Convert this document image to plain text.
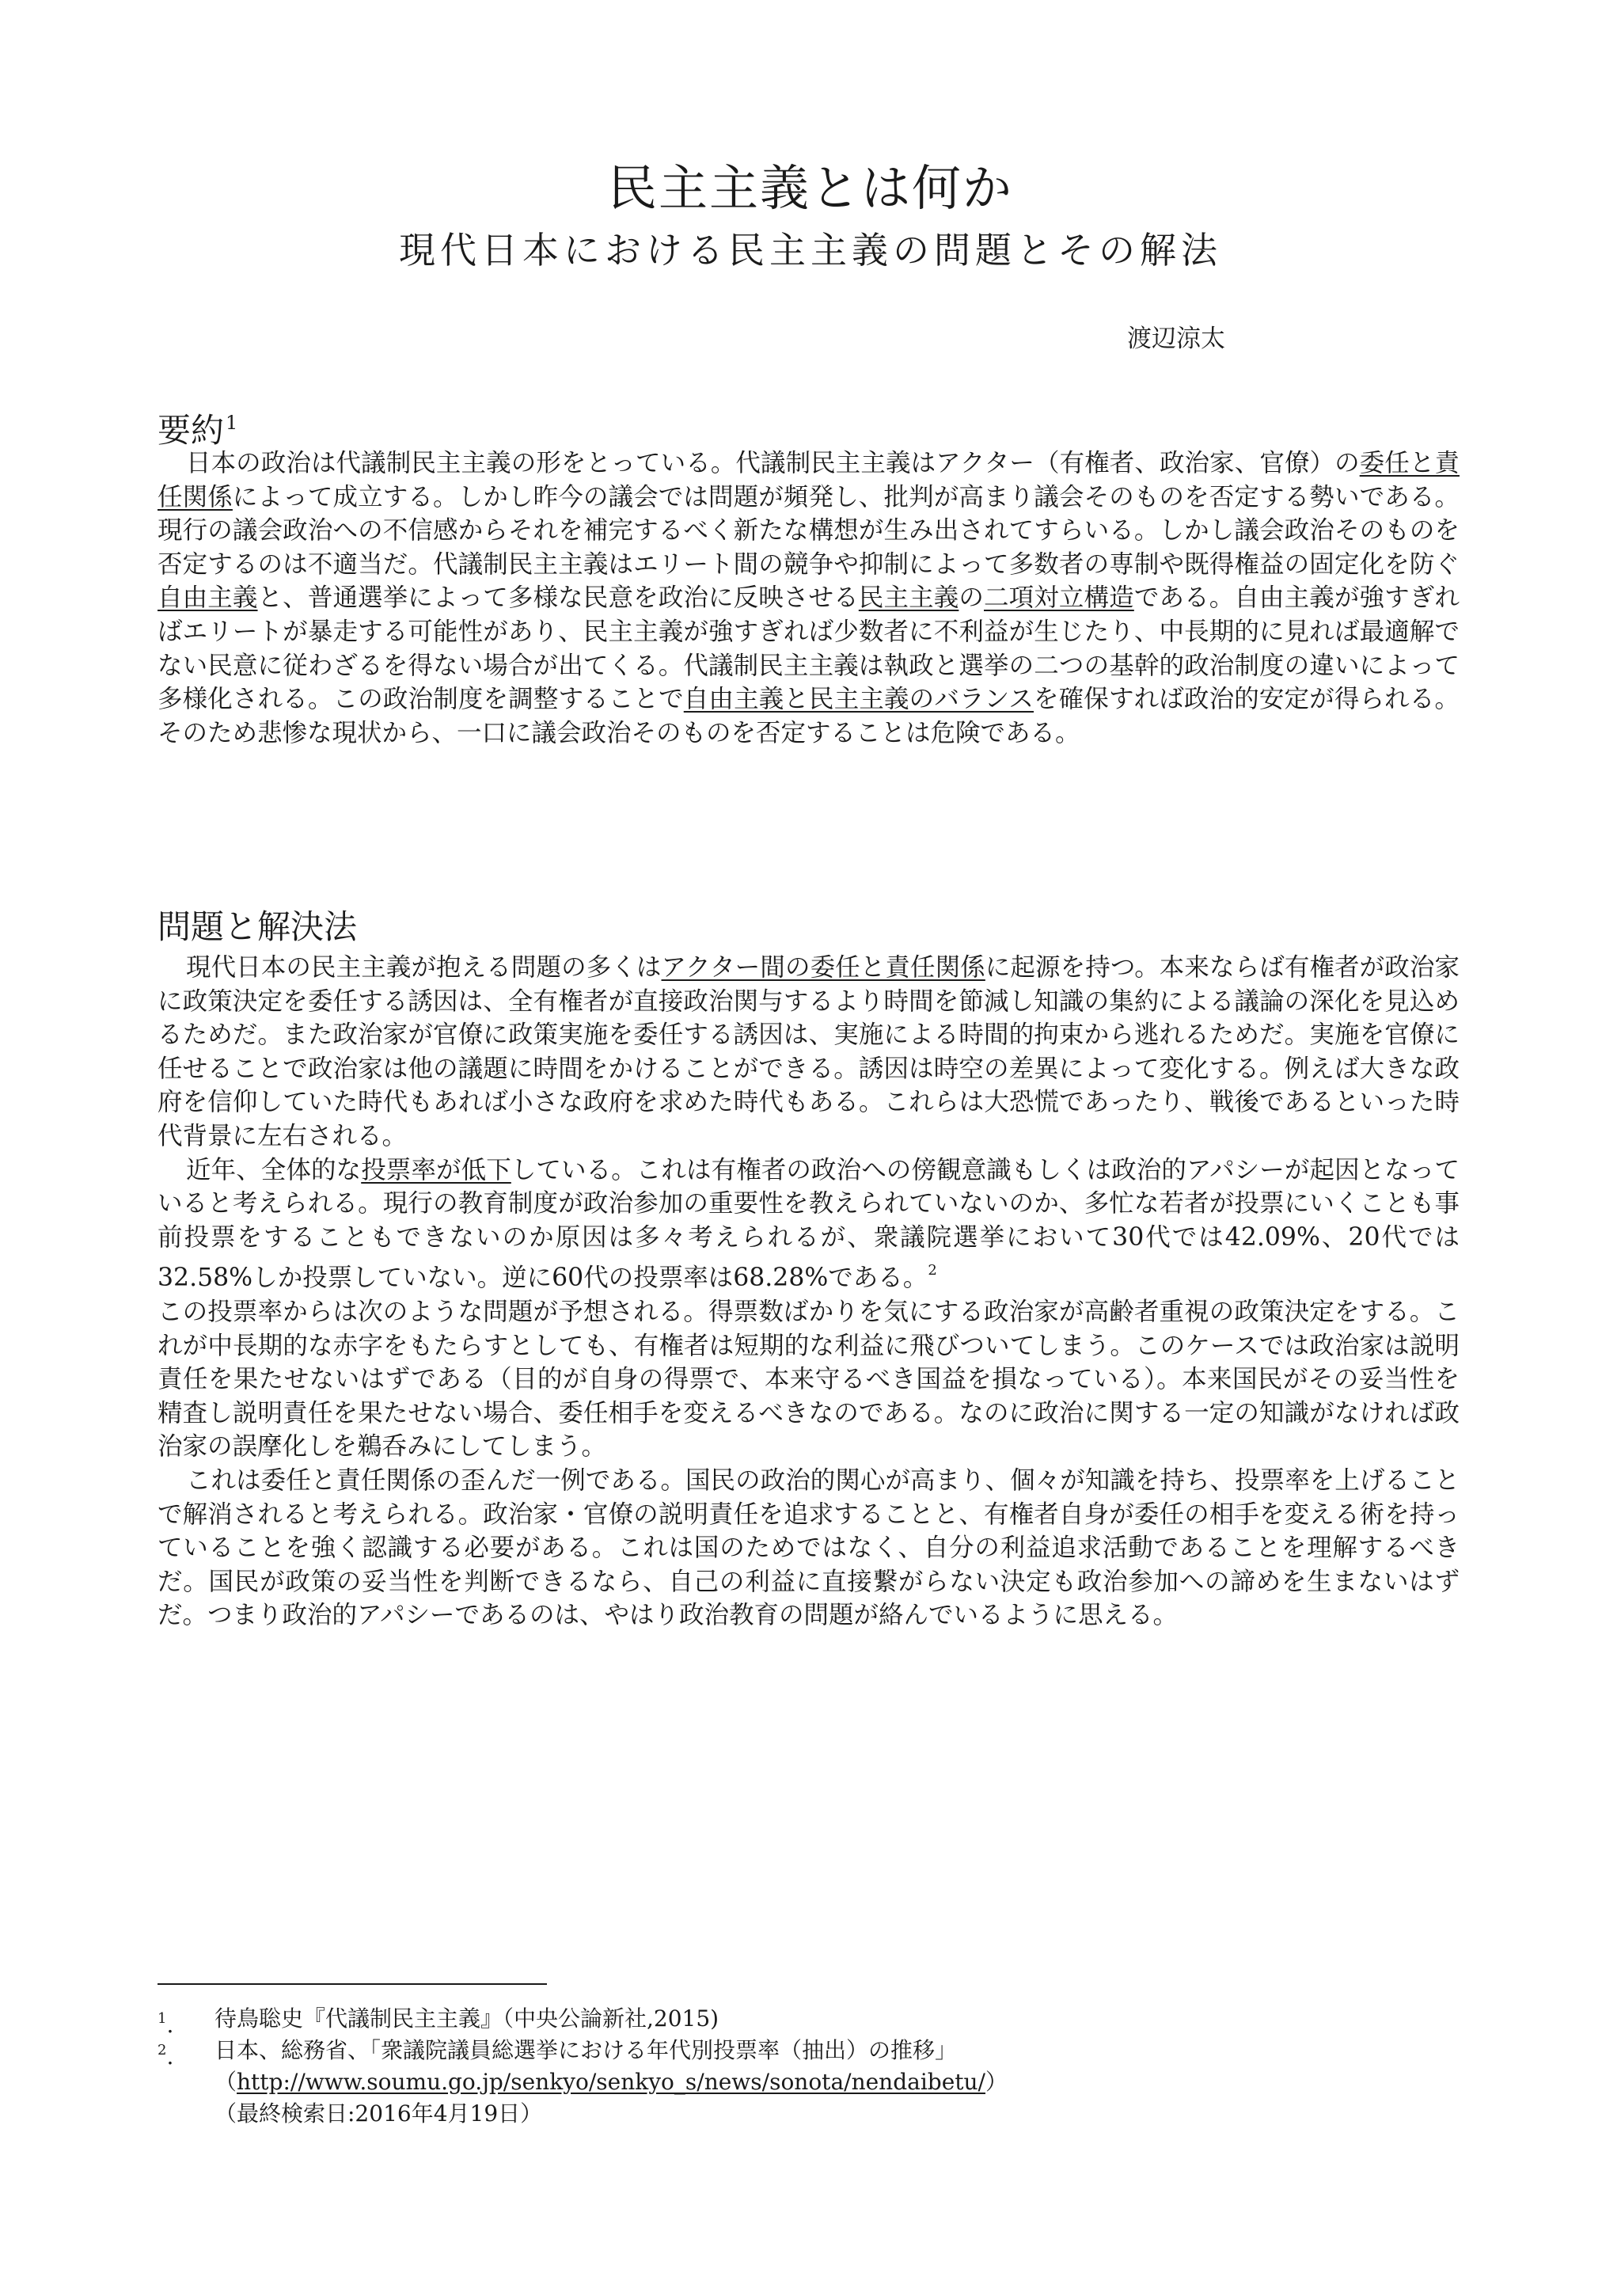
民主主義とは何か
現代日本における民主主義の問題とその解法
渡辺涼太
要約$^1$

日本の政治は代議制民主主義の形をとっている。代議制民主主義はアクター（有権者、政治家、官僚）の委任と責任関係によって成立する。しかし昨今の議会では問題が頻発し、批判が高まり議会そのものを否定する勢いである。現行の議会政治への不信感からそれを補完するべく新たな構想が生み出されてすらいる。しかし議会政治そのものを否定するのは不適当だ。代議制民主主義はエリート間の競争や抑制によって多数者の専制や既得権益の固定化を防ぐ自由主義と、普通選挙によって多様な民意を政治に反映させる民主主義の二項対立構造である。自由主義が強すぎればエリートが暴走する可能性があり、民主主義が強すぎれば少数者に不利益が生じたり、中長期的に見れば最適解でない民意に従わざるを得ない場合が出てくる。代議制民主主義は執政と選挙の二つの基幹的政治制度の違いによって多様化される。この政治制度を調整することで自由主義と民主主義のバランスを確保すれば政治的安定が得られる。そのため悲惨な現状から、一口に議会政治そのものを否定することは危険である。

問題と解決法

現代日本の民主主義が抱える問題の多くはアクター間の委任と責任関係に起源を持つ。本来ならば有権者が政治家に政策決定を委任する誘因は、全有権者が直接政治関与するより時間を節減し知識の集約による議論の深化を見込めるためだ。また政治家が官僚に政策実施を委任する誘因は、実施による時間的拘束から逃れるためだ。実施を官僚に任せることで政治家は他の議題に時間をかけることができる。誘因は時空の差異によって変化する。例えば大きな政府を信仰していた時代もあれば小さな政府を求めた時代もある。これらは大恐慌であったり、戦後であるといった時代背景に左右される。

近年、全体的な投票率が低下している。これは有権者の政治への傍観意識もしくは政治的アパシーが起因となっていると考えられる。現行の教育制度が政治参加の重要性を教えられていないのか、多忙な若者が投票にいくことも事前投票をすることもできないのか原因は多々考えられるが、衆議院選挙において30代では42.09%、20代では32.58%しか投票していない。逆に60代の投票率は68.28%である。$^2$

この投票率からは次のような問題が予想される。得票数ばかりを気にする政治家が高齢者重視の政策決定をする。これが中長期的な赤字をもたらすとしても、有権者は短期的な利益に飛びついてしまう。このケースでは政治家は説明責任を果たせないはずである（目的が自身の得票で、本来守るべき国益を損なっている）。本来国民がその妥当性を精査し説明責任を果たせない場合、委任相手を変えるべきなのである。なのに政治に関する一定の知識がなければ政治家の誤摩化しを鵜呑みにしてしまう。

これは委任と責任関係の歪んだ一例である。国民の政治的関心が高まり、個々が知識を持ち、投票率を上げることで解消されると考えられる。政治家・官僚の説明責任を追求することと、有権者自身が委任の相手を変える術を持っていることを強く認識する必要がある。これは国のためではなく、自分の利益追求活動であることを理解するべきだ。国民が政策の妥当性を判断できるなら、自己の利益に直接繋がらない決定も政治参加への諦めを生まないはずだ。つまり政治的アパシーであるのは、やはり政治教育の問題が絡んでいるように思える。

$^1$.	待鳥聡史『代議制民主主義』（中央公論新社,2015)
$^2$.	日本、総務省、「衆議院議員総選挙における年代別投票率（抽出）の推移」
（http://www.soumu.go.jp/senkyo/senkyo_s/news/sonota/nendaibetu/）
（最終検索日:2016年4月19日）
